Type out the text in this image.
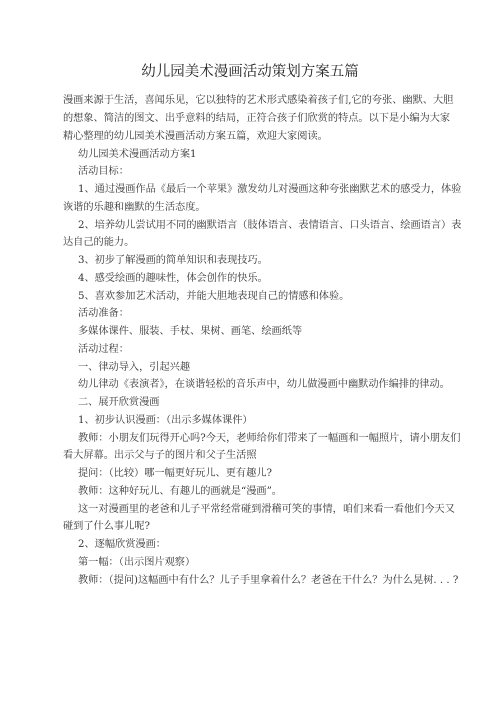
幼儿园美术漫画活动策划方案五篇
漫画来源于生活，喜闻乐见，它以独特的艺术形式感染着孩子们,它的夸张、幽默、大胆
的想象、简洁的图文、出乎意料的结局，正符合孩子们欣赏的特点。以下是小编为大家
精心整理的幼儿园美术漫画活动方案五篇，欢迎大家阅读。
幼儿园美术漫画活动方案1
活动目标：
1、通过漫画作品《最后一个苹果》激发幼儿对漫画这种夸张幽默艺术的感受力，体验
诙谐的乐趣和幽默的生活态度。
2、培养幼儿尝试用不同的幽默语言（肢体语言、表情语言、口头语言、绘画语言）表
达自己的能力。
3、初步了解漫画的简单知识和表现技巧。
4、感受绘画的趣味性，体会创作的快乐。
5、喜欢参加艺术活动，并能大胆地表现自己的情感和体验。
活动准备：
多媒体课件、服装、手杖、果树、画笔、绘画纸等
活动过程：
一、律动导入，引起兴趣
幼儿律动《表演者》，在谈谐轻松的音乐声中，幼儿做漫画中幽默动作编排的律动。
二、展开欣赏漫画
1、初步认识漫画：（出示多媒体课件）
教师：小朋友们玩得开心吗?今天，老师给你们带来了一幅画和一幅照片，请小朋友们
看大屏幕。出示父与子的图片和父子生活照
提问：（比较）哪一幅更好玩儿、更有趣儿?
教师：这种好玩儿、有趣儿的画就是“漫画”。
这一对漫画里的老爸和儿子平常经常碰到滑稽可笑的事情，咱们来看一看他们今天又
碰到了什么事儿呢?
2、逐幅欣赏漫画：
第一幅：（出示图片观察）
教师：（提问)这幅画中有什么？儿子手里拿着什么？老爸在干什么？为什么晃树. . . ?
